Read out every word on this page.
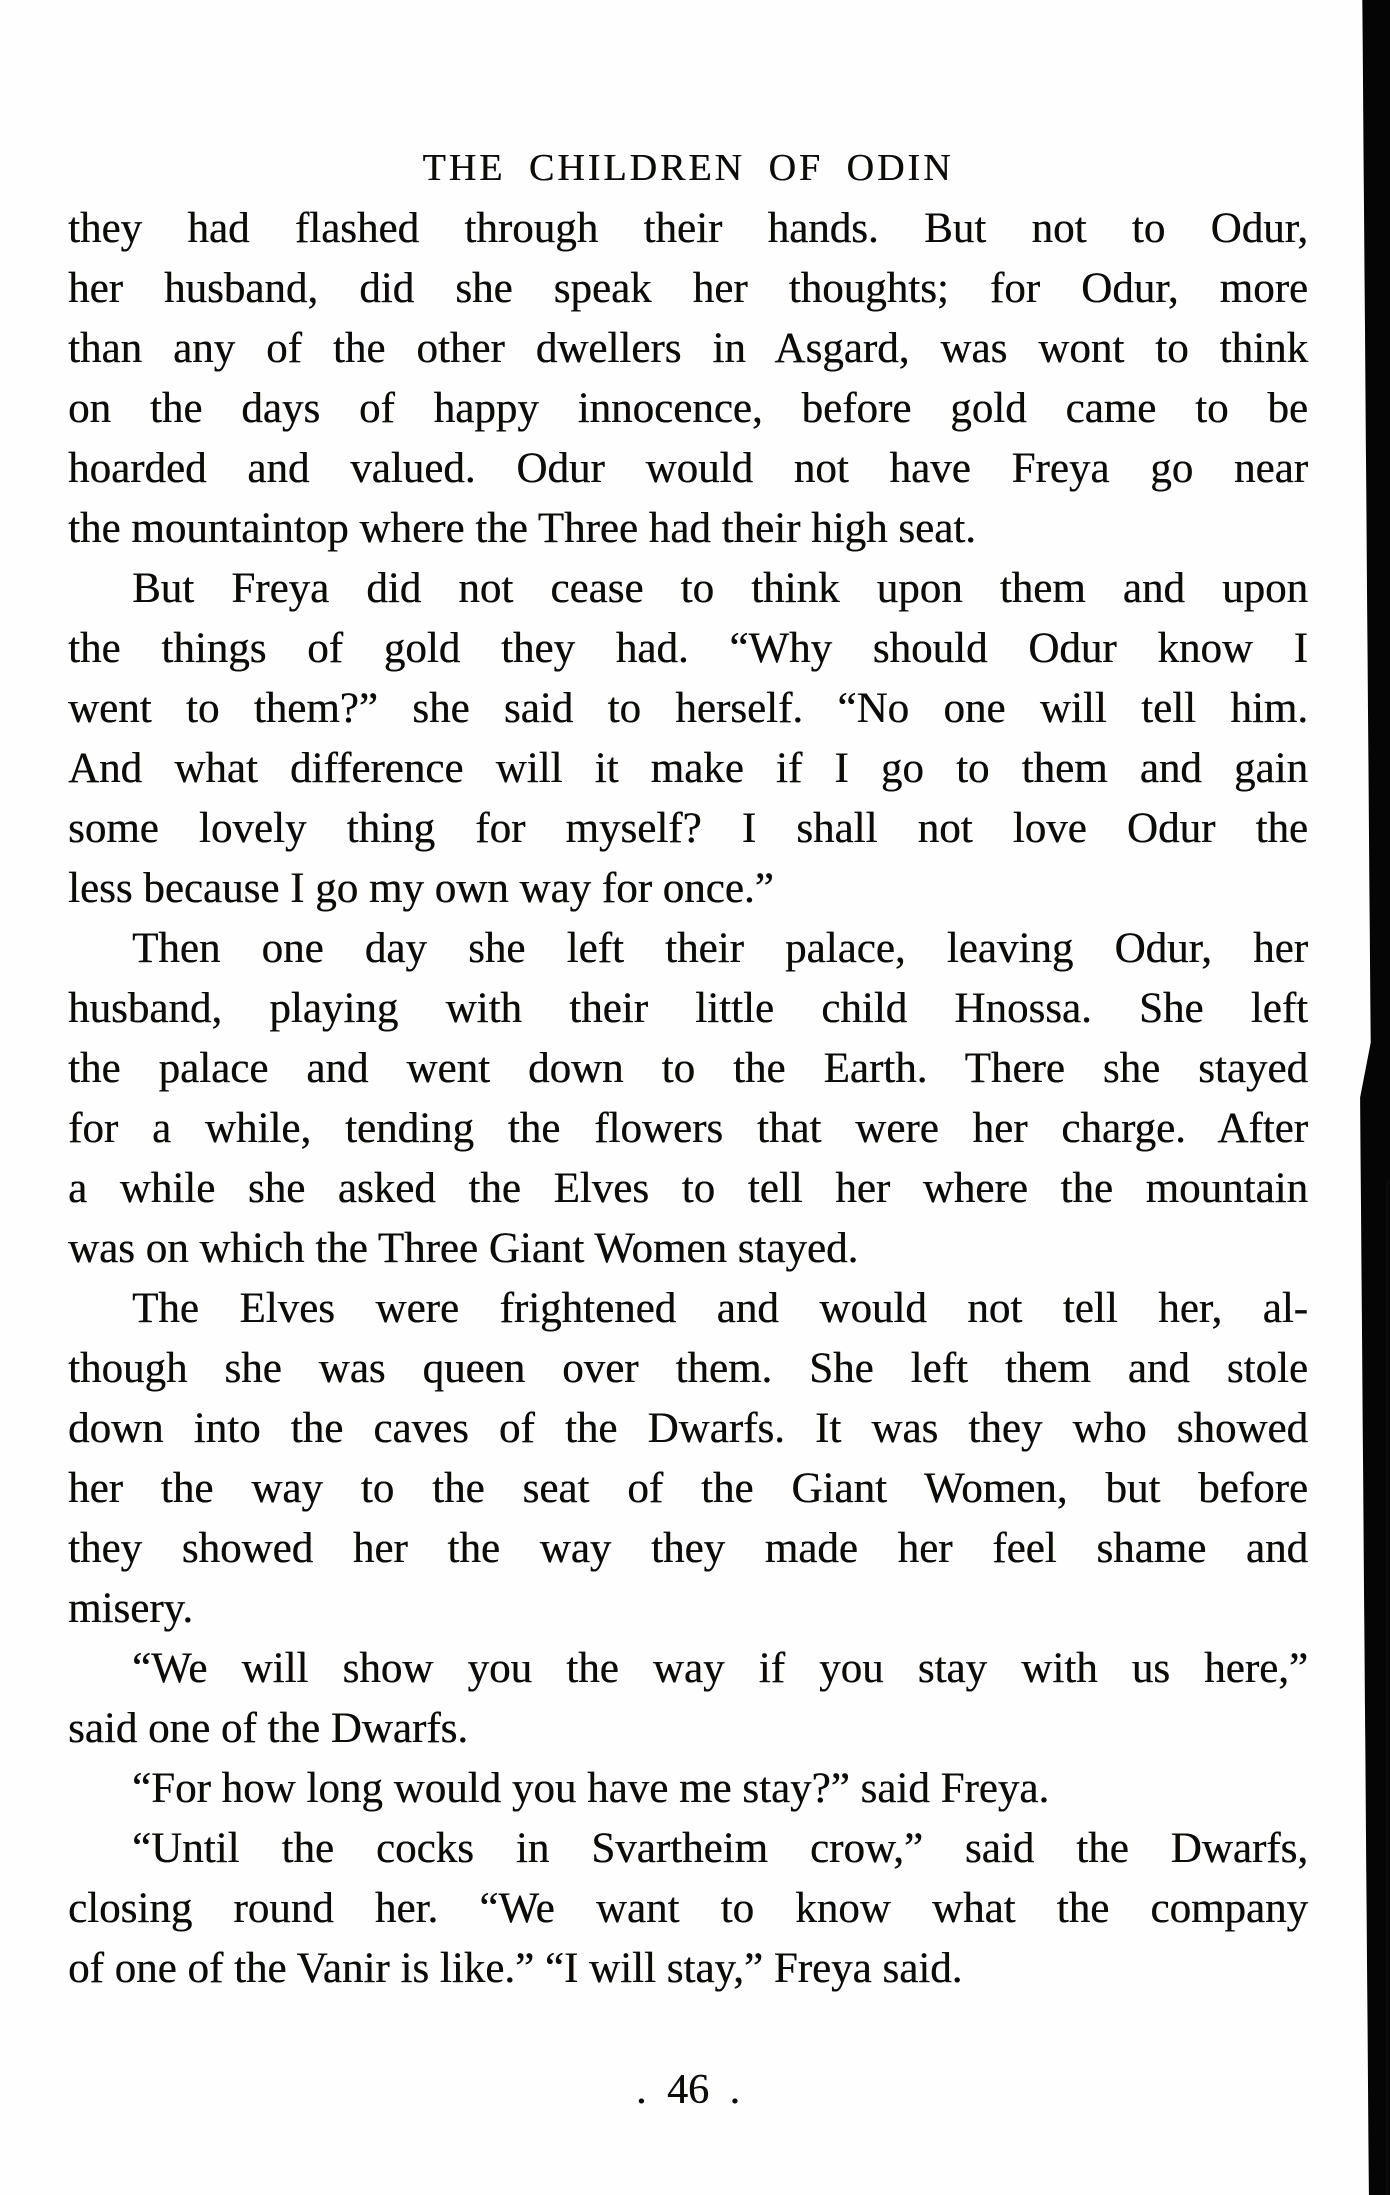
THE CHILDREN OF ODIN
they had flashed through their hands. But not to Odur,
her husband, did she speak her thoughts; for Odur, more
than any of the other dwellers in Asgard, was wont to think
on the days of happy innocence, before gold came to be
hoarded and valued. Odur would not have Freya go near
the mountaintop where the Three had their high seat.
But Freya did not cease to think upon them and upon
the things of gold they had. “Why should Odur know I
went to them?” she said to herself. “No one will tell him.
And what difference will it make if I go to them and gain
some lovely thing for myself? I shall not love Odur the
less because I go my own way for once.”
Then one day she left their palace, leaving Odur, her
husband, playing with their little child Hnossa. She left
the palace and went down to the Earth. There she stayed
for a while, tending the flowers that were her charge. After
a while she asked the Elves to tell her where the mountain
was on which the Three Giant Women stayed.
The Elves were frightened and would not tell her, al-
though she was queen over them. She left them and stole
down into the caves of the Dwarfs. It was they who showed
her the way to the seat of the Giant Women, but before
they showed her the way they made her feel shame and
misery.
“We will show you the way if you stay with us here,”
said one of the Dwarfs.
“For how long would you have me stay?” said Freya.
“Until the cocks in Svartheim crow,” said the Dwarfs,
closing round her. “We want to know what the company
of one of the Vanir is like.” “I will stay,” Freya said.
. 46 .
